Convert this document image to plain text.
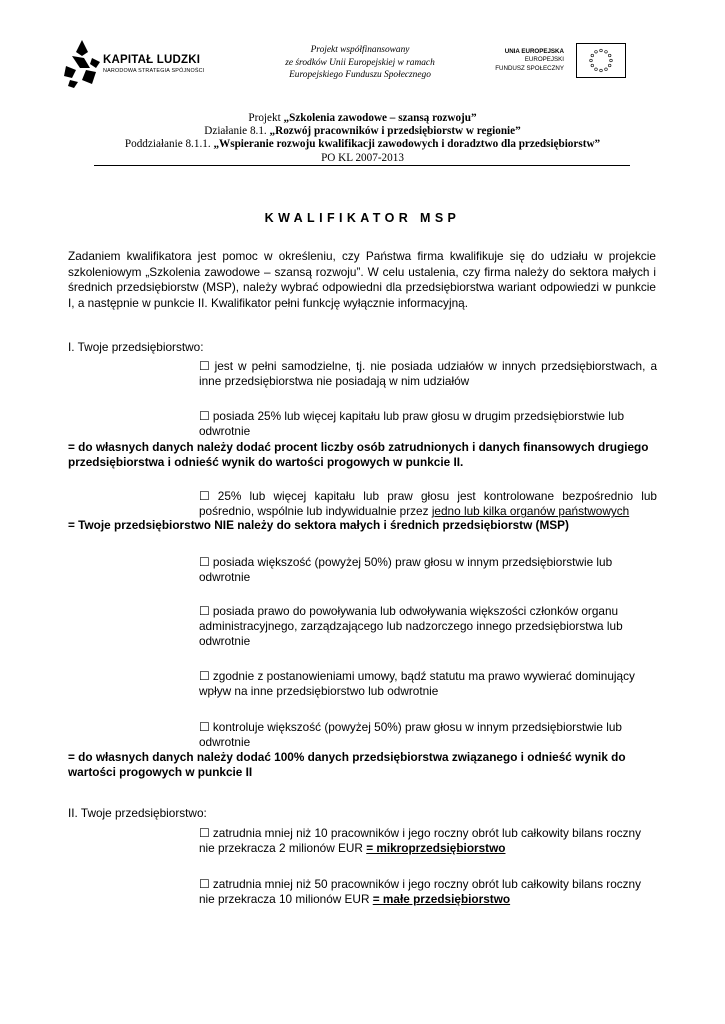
KAPITAŁ LUDZKI
NARODOWA STRATEGIA SPÓJNOŚCI
Projekt współfinansowany
ze środków Unii Europejskiej w ramach
Europejskiego Funduszu Społecznego
UNIA EUROPEJSKA
EUROPEJSKI
FUNDUSZ SPOŁECZNY
Projekt „Szkolenia zawodowe – szansą rozwoju”
Działanie 8.1. „Rozwój pracowników i przedsiębiorstw w regionie”
Poddziałanie 8.1.1. „Wspieranie rozwoju kwalifikacji zawodowych i doradztwo dla przedsiębiorstw”
PO KL 2007-2013
KWALIFIKATOR MSP
Zadaniem kwalifikatora jest pomoc w określeniu, czy Państwa firma kwalifikuje się do udziału w projekcie szkoleniowym „Szkolenia zawodowe – szansą rozwoju”. W celu ustalenia, czy firma należy do sektora małych i średnich przedsiębiorstw (MSP), należy wybrać odpowiedni dla przedsiębiorstwa wariant odpowiedzi w punkcie I, a następnie w punkcie II. Kwalifikator pełni funkcję wyłącznie informacyjną.
I. Twoje przedsiębiorstwo:
☐ jest w pełni samodzielne, tj. nie posiada udziałów w innych przedsiębiorstwach, a inne przedsiębiorstwa nie posiadają w nim udziałów
☐ posiada 25% lub więcej kapitału lub praw głosu w drugim przedsiębiorstwie lub odwrotnie
= do własnych danych należy dodać procent liczby osób zatrudnionych i danych finansowych drugiego przedsiębiorstwa i odnieść wynik do wartości progowych w punkcie II.
☐ 25% lub więcej kapitału lub praw głosu jest kontrolowane bezpośrednio lub pośrednio, wspólnie lub indywidualnie przez jedno lub kilka organów państwowych
= Twoje przedsiębiorstwo NIE należy do sektora małych i średnich przedsiębiorstw (MSP)
☐ posiada większość (powyżej 50%) praw głosu w innym przedsiębiorstwie lub odwrotnie
☐ posiada prawo do powoływania lub odwoływania większości członków organu administracyjnego, zarządzającego lub nadzorczego innego przedsiębiorstwa lub odwrotnie
☐ zgodnie z postanowieniami umowy, bądź statutu ma prawo wywierać dominujący wpływ na inne przedsiębiorstwo lub odwrotnie
☐ kontroluje większość (powyżej 50%) praw głosu w innym przedsiębiorstwie lub odwrotnie
= do własnych danych należy dodać 100% danych przedsiębiorstwa związanego i odnieść wynik do wartości progowych w punkcie II
II. Twoje przedsiębiorstwo:
☐ zatrudnia mniej niż 10 pracowników i jego roczny obrót lub całkowity bilans roczny nie przekracza 2 milionów EUR = mikroprzedsiębiorstwo
☐ zatrudnia mniej niż 50 pracowników i jego roczny obrót lub całkowity bilans roczny nie przekracza 10 milionów EUR = małe przedsiębiorstwo
